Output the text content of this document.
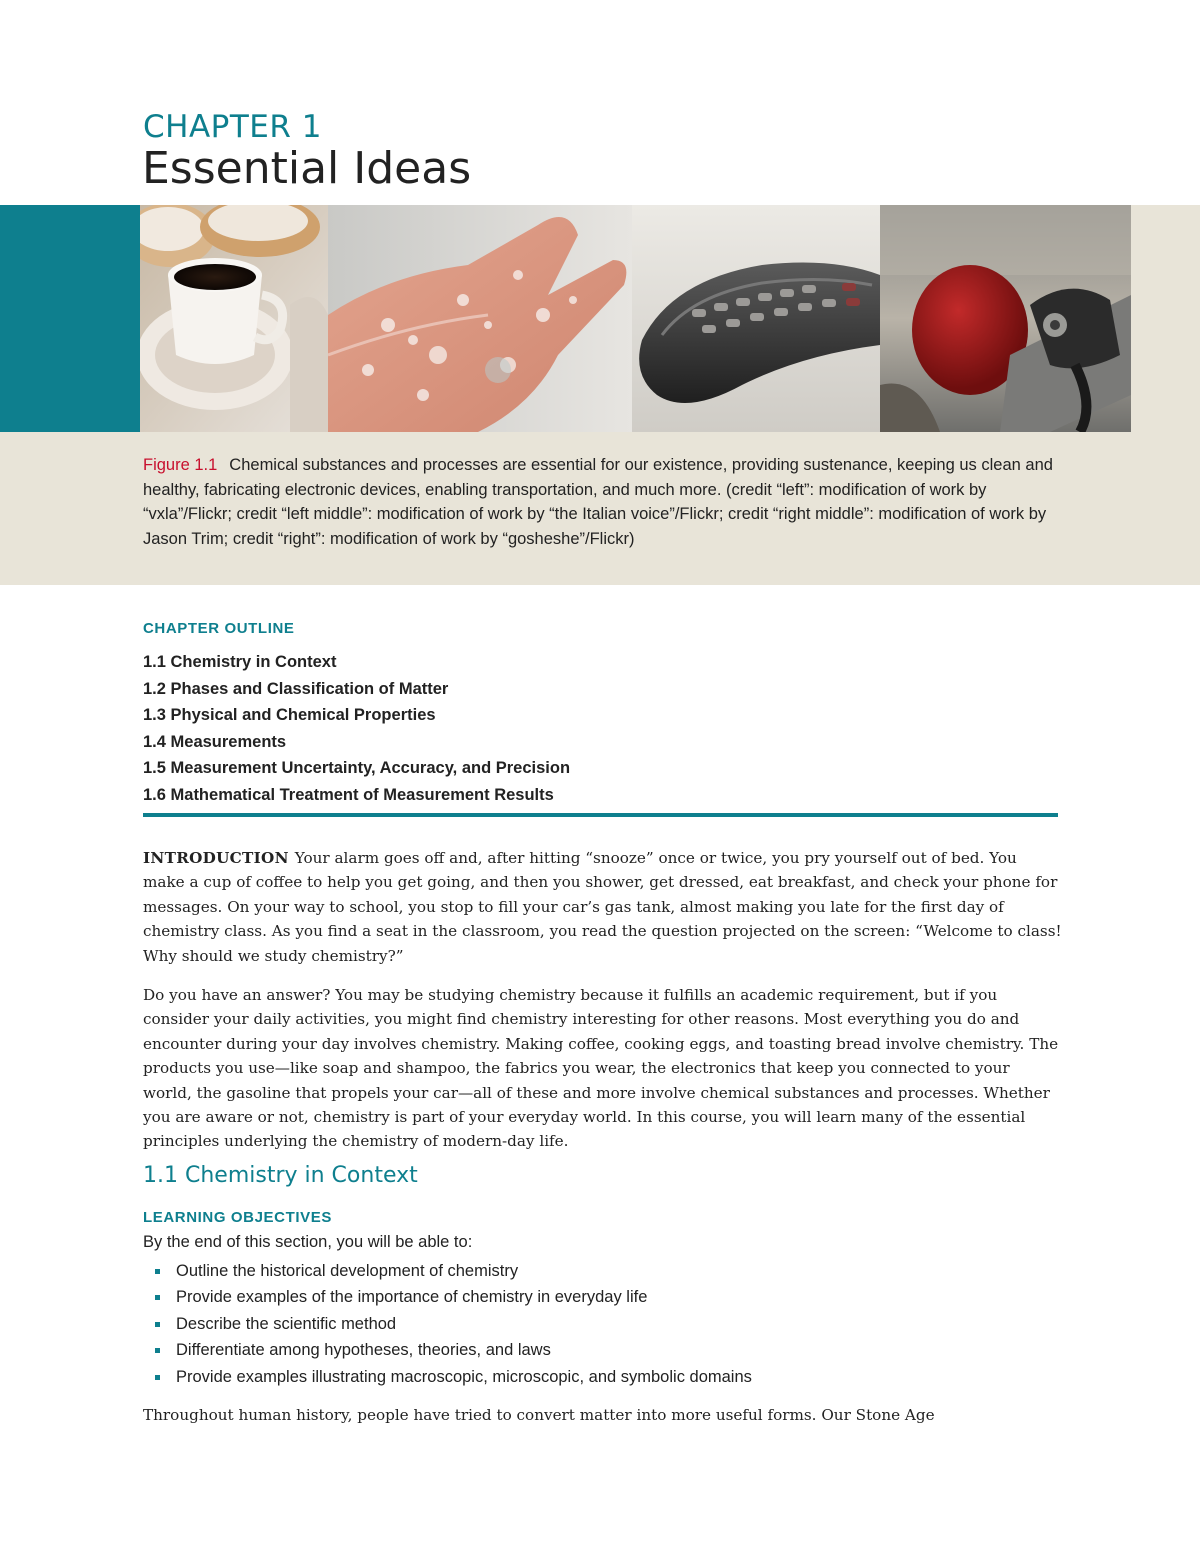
CHAPTER 1
Essential Ideas

Figure 1.1 Chemical substances and processes are essential for our existence, providing sustenance, keeping us clean and healthy, fabricating electronic devices, enabling transportation, and much more. (credit “left”: modification of work by “vxla”/Flickr; credit “left middle”: modification of work by “the Italian voice”/Flickr; credit “right middle”: modification of work by Jason Trim; credit “right”: modification of work by “gosheshe”/Flickr)

CHAPTER OUTLINE
1.1 Chemistry in Context
1.2 Phases and Classification of Matter
1.3 Physical and Chemical Properties
1.4 Measurements
1.5 Measurement Uncertainty, Accuracy, and Precision
1.6 Mathematical Treatment of Measurement Results

INTRODUCTION Your alarm goes off and, after hitting “snooze” once or twice, you pry yourself out of bed. You make a cup of coffee to help you get going, and then you shower, get dressed, eat breakfast, and check your phone for messages. On your way to school, you stop to fill your car’s gas tank, almost making you late for the first day of chemistry class. As you find a seat in the classroom, you read the question projected on the screen: “Welcome to class! Why should we study chemistry?”

Do you have an answer? You may be studying chemistry because it fulfills an academic requirement, but if you consider your daily activities, you might find chemistry interesting for other reasons. Most everything you do and encounter during your day involves chemistry. Making coffee, cooking eggs, and toasting bread involve chemistry. The products you use—like soap and shampoo, the fabrics you wear, the electronics that keep you connected to your world, the gasoline that propels your car—all of these and more involve chemical substances and processes. Whether you are aware or not, chemistry is part of your everyday world. In this course, you will learn many of the essential principles underlying the chemistry of modern-day life.

1.1 Chemistry in Context
LEARNING OBJECTIVES
By the end of this section, you will be able to:
Outline the historical development of chemistry
Provide examples of the importance of chemistry in everyday life
Describe the scientific method
Differentiate among hypotheses, theories, and laws
Provide examples illustrating macroscopic, microscopic, and symbolic domains

Throughout human history, people have tried to convert matter into more useful forms. Our Stone Age
